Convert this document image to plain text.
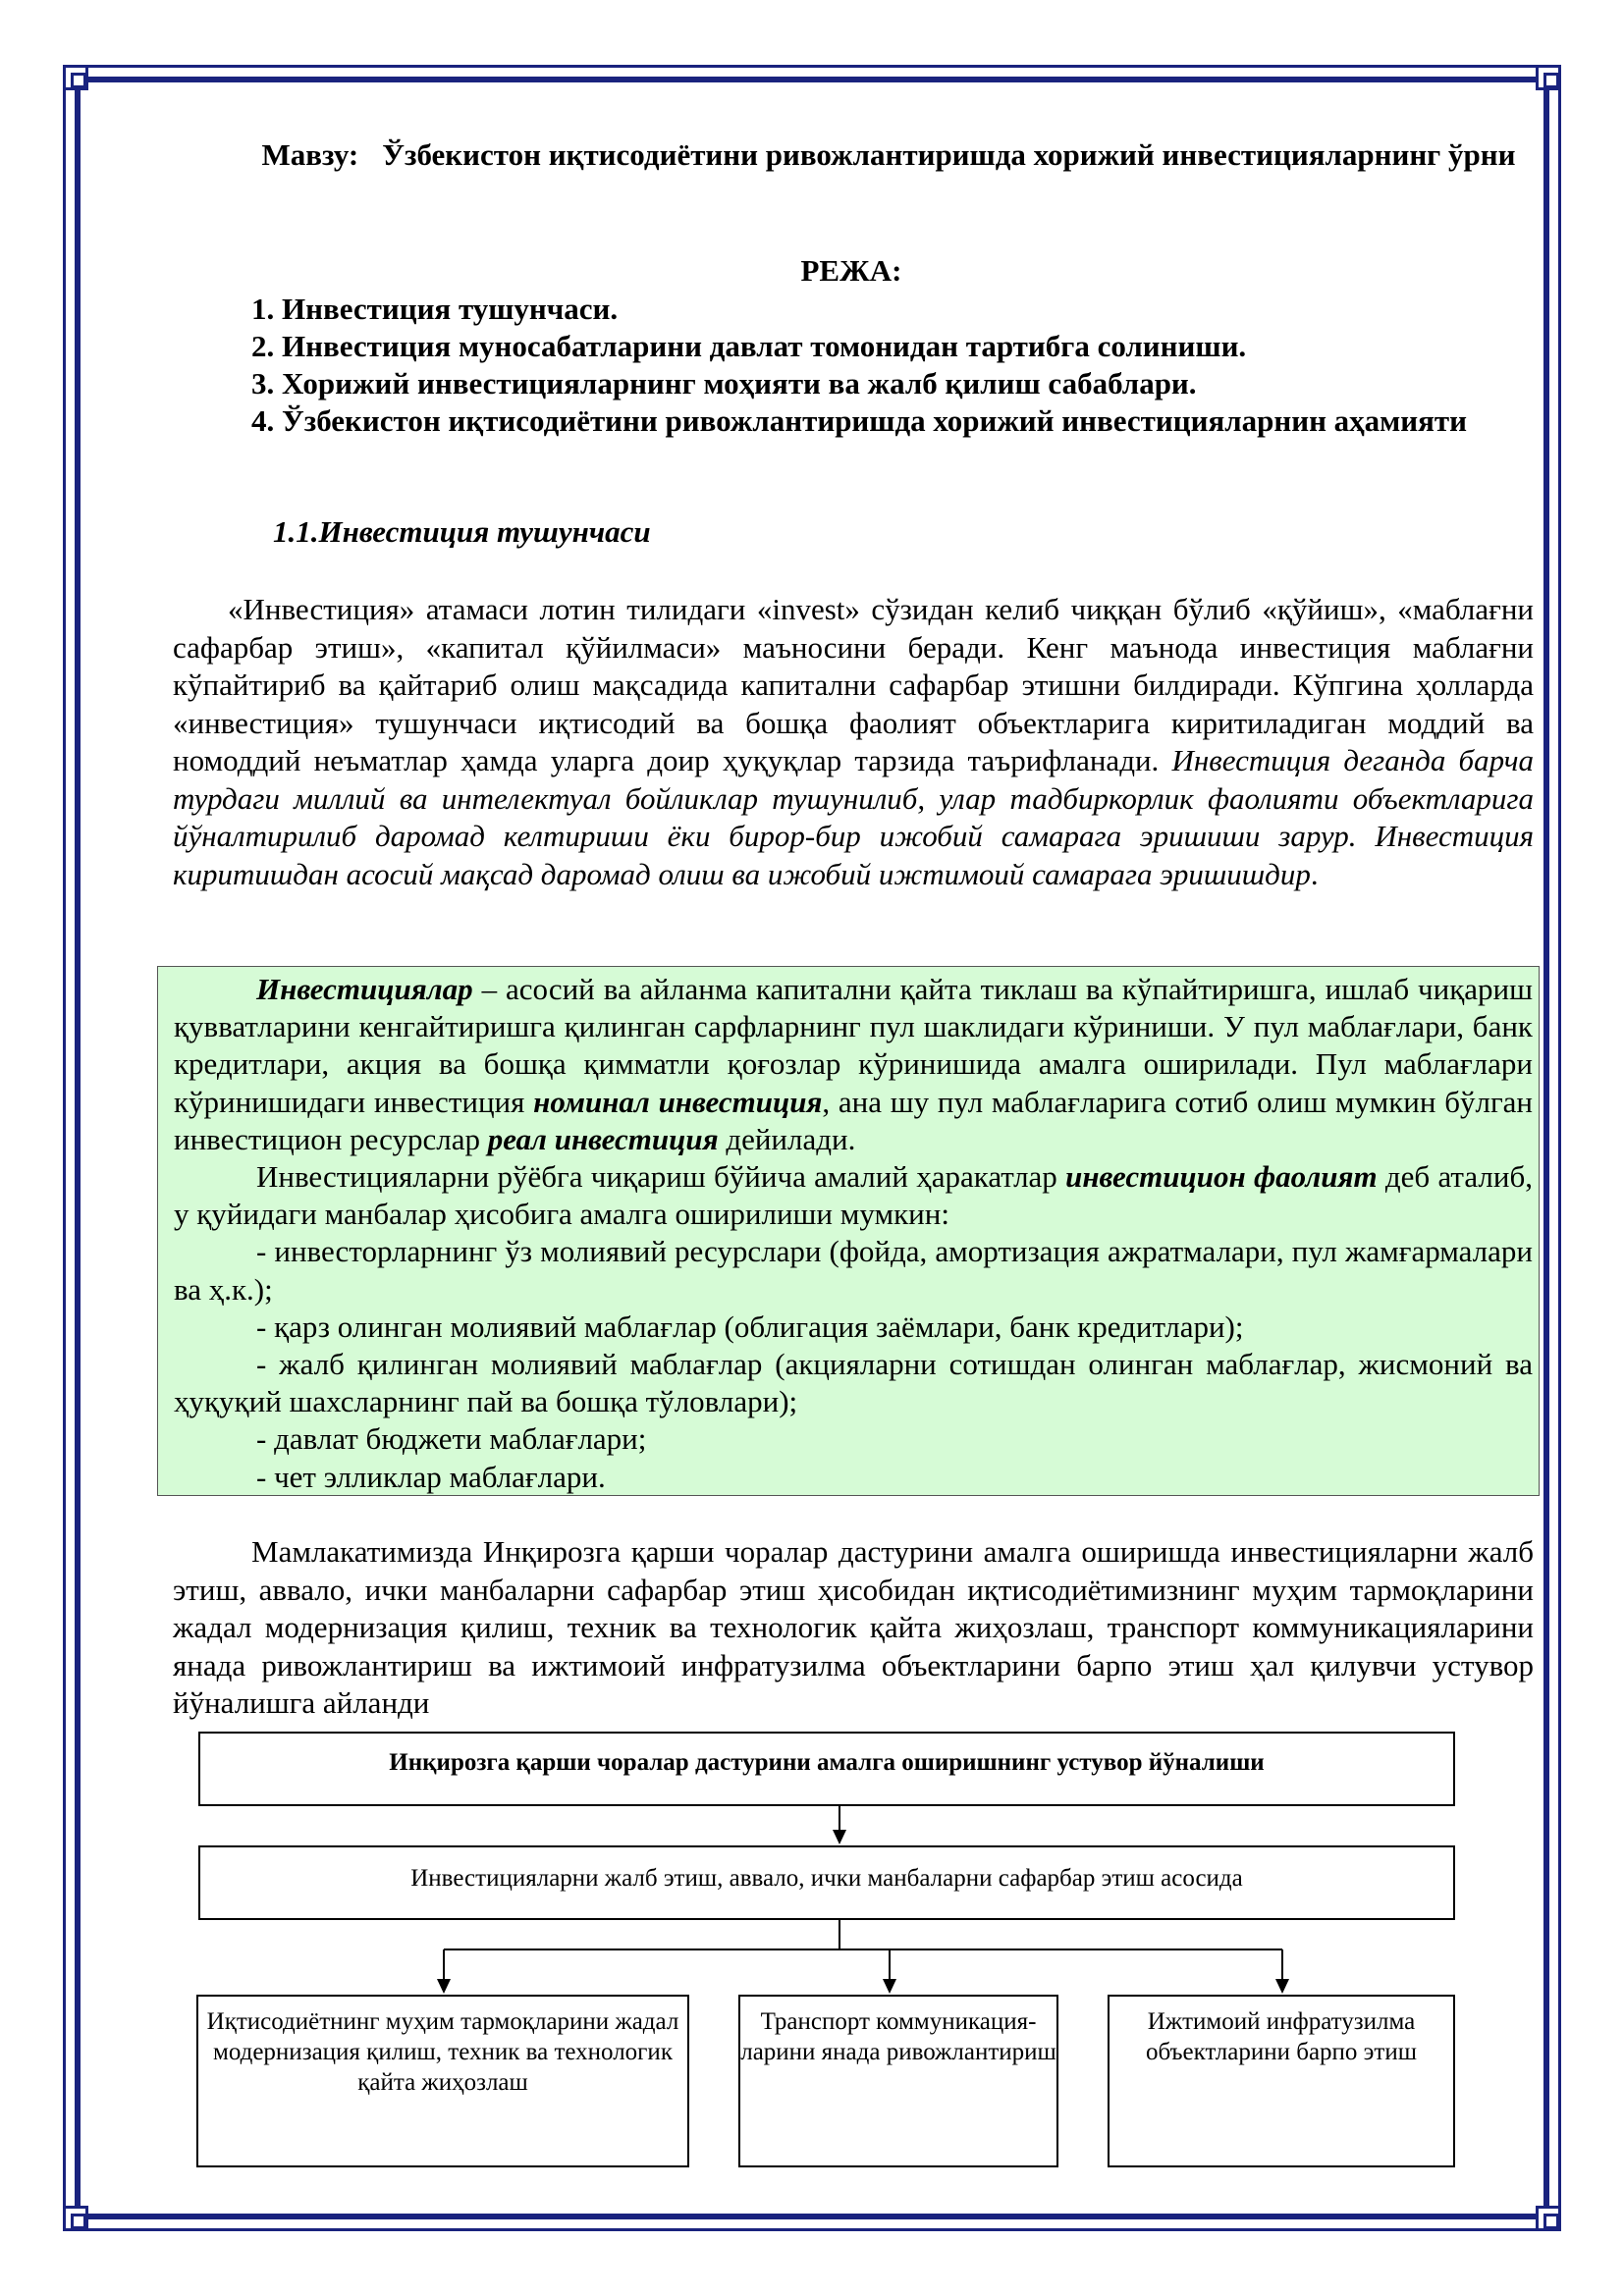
Мавзу: Ўзбекистон иқтисодиётини ривожлантиришда хорижий инвестицияларнинг ўрни
РЕЖА:
1. Инвестиция тушунчаси.
2. Инвестиция муносабатларини давлат томонидан тартибга солиниши.
3. Хорижий инвестицияларнинг моҳияти ва жалб қилиш сабаблари.
4. Ўзбекистон иқтисодиётини ривожлантиришда хорижий инвестицияларнин аҳамияти
1.1.Инвестиция тушунчаси

«Инвестиция» атамаси лотин тилидаги «invest» сўзидан келиб чиққан бўлиб «қўйиш», «маблағни сафарбар этиш», «капитал қўйилмаси» маъносини беради. Кенг маънода инвестиция маблағни кўпайтириб ва қайтариб олиш мақсадида капитални сафарбар этишни билдиради. Кўпгина ҳолларда «инвестиция» тушунчаси иқтисодий ва бошқа фаолият объектларига киритиладиган моддий ва номоддий неъматлар ҳамда уларга доир ҳуқуқлар тарзида таърифланади. Инвестиция деганда барча турдаги миллий ва интелектуал бойликлар тушунилиб, улар тадбиркорлик фаолияти объектларига йўналтирилиб даромад келтириши ёки бирор-бир ижобий самарага эришиши зарур. Инвестиция киритишдан асосий мақсад даромад олиш ва ижобий ижтимоий самарага эришишдир.

Инвестициялар – асосий ва айланма капитални қайта тиклаш ва кўпайтиришга, ишлаб чиқариш қувватларини кенгайтиришга қилинган сарфларнинг пул шаклидаги кўриниши. У пул маблағлари, банк кредитлари, акция ва бошқа қимматли қоғозлар кўринишида амалга оширилади. Пул маблағлари кўринишидаги инвестиция номинал инвестиция, ана шу пул маблағларига сотиб олиш мумкин бўлган инвестицион ресурслар реал инвестиция дейилади.

Инвестицияларни рўёбга чиқариш бўйича амалий ҳаракатлар инвестицион фаолият деб аталиб, у қуйидаги манбалар ҳисобига амалга оширилиши мумкин:

- инвесторларнинг ўз молиявий ресурслари (фойда, амортизация ажратмалари, пул жамғармалари ва ҳ.к.);

- қарз олинган молиявий маблағлар (облигация заёмлари, банк кредитлари);

- жалб қилинган молиявий маблағлар (акцияларни сотишдан олинган маблағлар, жисмоний ва ҳуқуқий шахсларнинг пай ва бошқа тўловлари);

- давлат бюджети маблағлари;

- чет элликлар маблағлари.

Мамлакатимизда Инқирозга қарши чоралар дастурини амалга оширишда инвестицияларни жалб этиш, аввало, ички манбаларни сафарбар этиш ҳисобидан иқтисодиётимизнинг муҳим тармоқларини жадал модернизация қилиш, техник ва технологик қайта жиҳозлаш, транспорт коммуникацияларини янада ривожлантириш ва ижтимоий инфратузилма объектларини барпо этиш ҳал қилувчи устувор йўналишга айланди

Инқирозга қарши чоралар дастурини амалга оширишнинг устувор йўналиши
Инвестицияларни жалб этиш, аввало, ички манбаларни сафарбар этиш асосида
Иқтисодиётнинг муҳим тармоқларини жадал модернизация қилиш, техник ва технологик қайта жиҳозлаш
Транспорт коммуникация-ларини янада ривожлантириш
Ижтимоий инфратузилма объектларини барпо этиш
